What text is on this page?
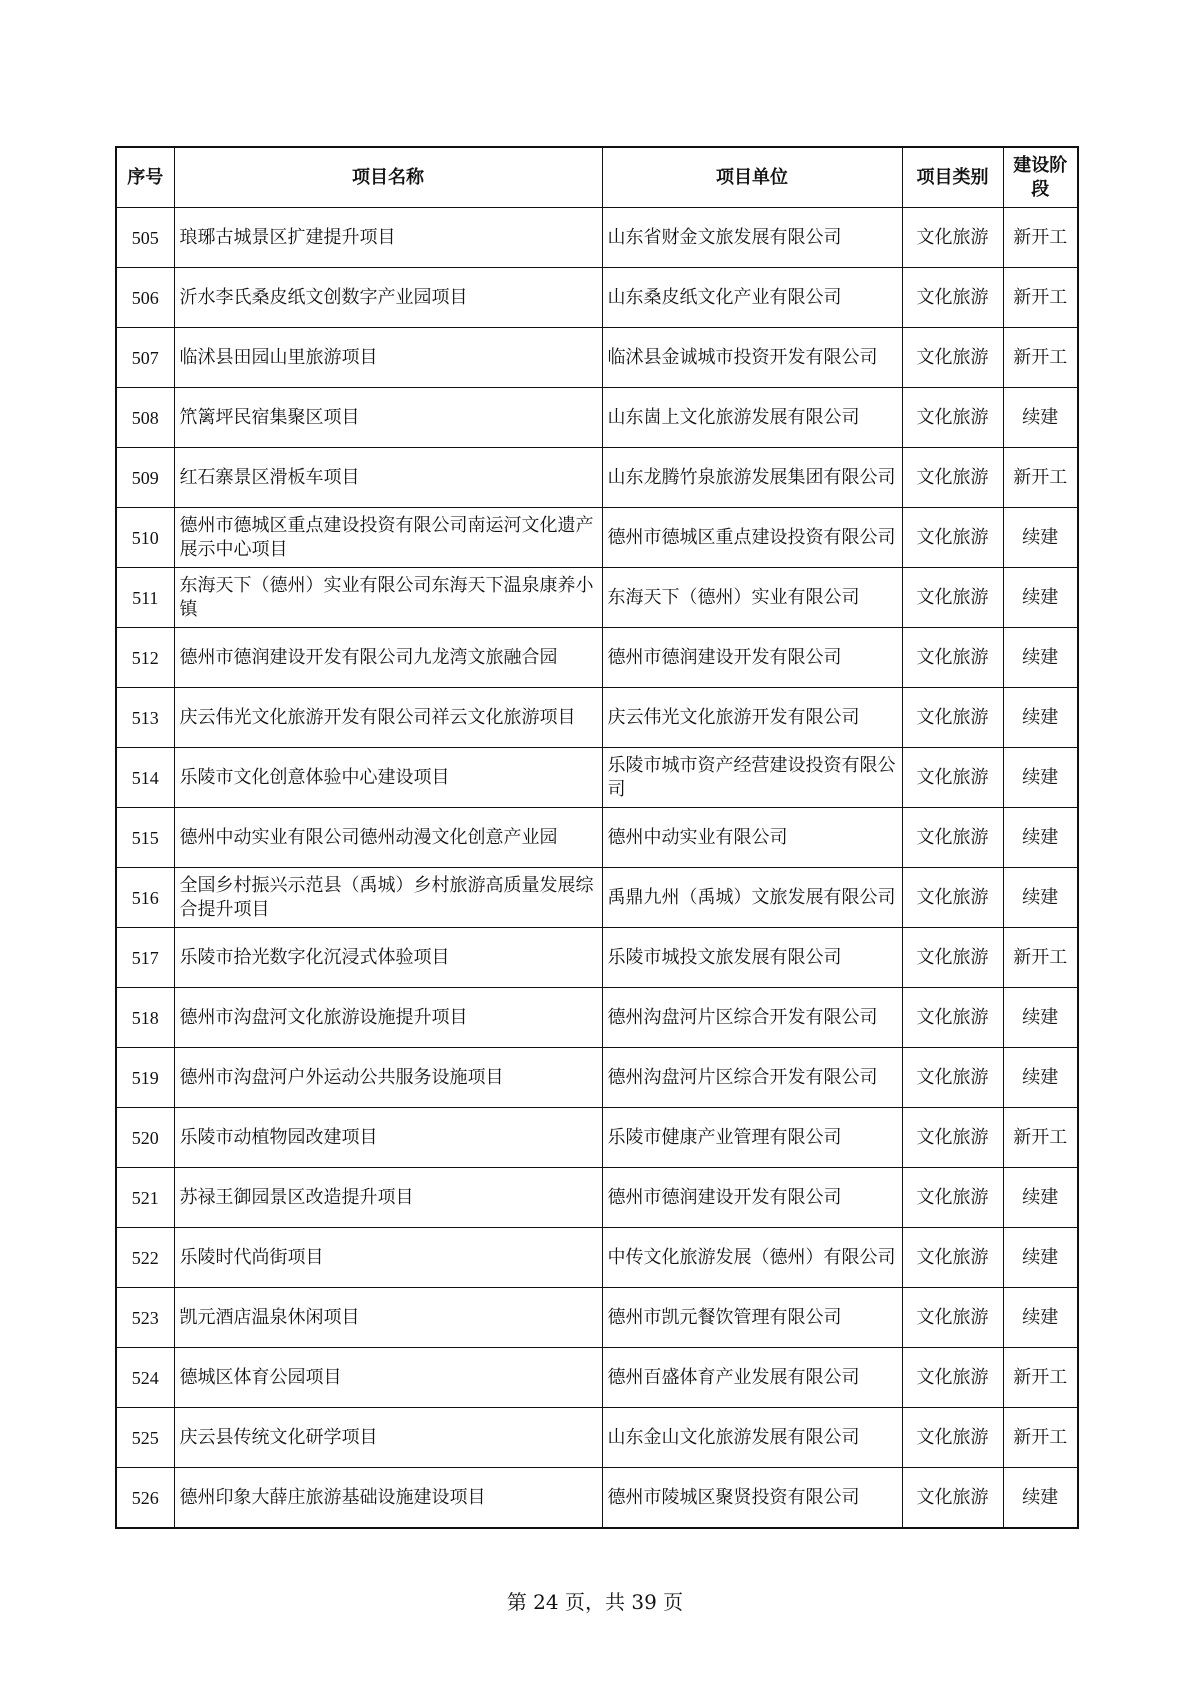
序号	项目名称	项目单位	项目类别	建设阶段
505	琅琊古城景区扩建提升项目	山东省财金文旅发展有限公司	文化旅游	新开工
506	沂水李氏桑皮纸文创数字产业园项目	山东桑皮纸文化产业有限公司	文化旅游	新开工
507	临沭县田园山里旅游项目	临沭县金诚城市投资开发有限公司	文化旅游	新开工
508	笊篱坪民宿集聚区项目	山东崮上文化旅游发展有限公司	文化旅游	续建
509	红石寨景区滑板车项目	山东龙腾竹泉旅游发展集团有限公司	文化旅游	新开工
510	德州市德城区重点建设投资有限公司南运河文化遗产展示中心项目	德州市德城区重点建设投资有限公司	文化旅游	续建
511	东海天下（德州）实业有限公司东海天下温泉康养小镇	东海天下（德州）实业有限公司	文化旅游	续建
512	德州市德润建设开发有限公司九龙湾文旅融合园	德州市德润建设开发有限公司	文化旅游	续建
513	庆云伟光文化旅游开发有限公司祥云文化旅游项目	庆云伟光文化旅游开发有限公司	文化旅游	续建
514	乐陵市文化创意体验中心建设项目	乐陵市城市资产经营建设投资有限公司	文化旅游	续建
515	德州中动实业有限公司德州动漫文化创意产业园	德州中动实业有限公司	文化旅游	续建
516	全国乡村振兴示范县（禹城）乡村旅游高质量发展综合提升项目	禹鼎九州（禹城）文旅发展有限公司	文化旅游	续建
517	乐陵市拾光数字化沉浸式体验项目	乐陵市城投文旅发展有限公司	文化旅游	新开工
518	德州市沟盘河文化旅游设施提升项目	德州沟盘河片区综合开发有限公司	文化旅游	续建
519	德州市沟盘河户外运动公共服务设施项目	德州沟盘河片区综合开发有限公司	文化旅游	续建
520	乐陵市动植物园改建项目	乐陵市健康产业管理有限公司	文化旅游	新开工
521	苏禄王御园景区改造提升项目	德州市德润建设开发有限公司	文化旅游	续建
522	乐陵时代尚街项目	中传文化旅游发展（德州）有限公司	文化旅游	续建
523	凯元酒店温泉休闲项目	德州市凯元餐饮管理有限公司	文化旅游	续建
524	德城区体育公园项目	德州百盛体育产业发展有限公司	文化旅游	新开工
525	庆云县传统文化研学项目	山东金山文化旅游发展有限公司	文化旅游	新开工
526	德州印象大薛庄旅游基础设施建设项目	德州市陵城区聚贤投资有限公司	文化旅游	续建
第 24 页，共 39 页
